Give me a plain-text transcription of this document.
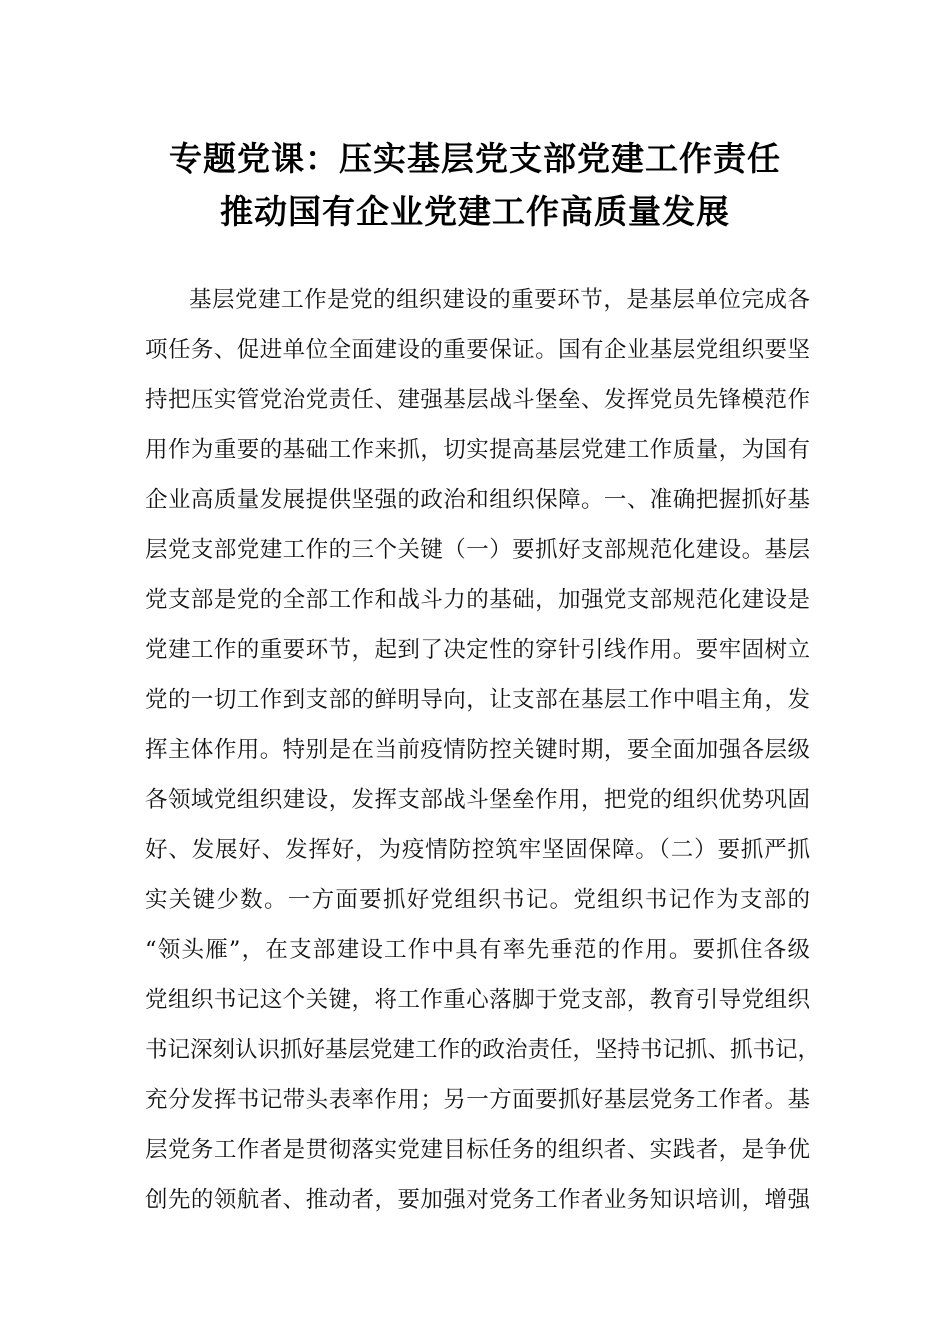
专题党课：压实基层党支部党建工作责任
推动国有企业党建工作高质量发展
基层党建工作是党的组织建设的重要环节，是基层单位完成各
项任务、促进单位全面建设的重要保证。国有企业基层党组织要坚
持把压实管党治党责任、建强基层战斗堡垒、发挥党员先锋模范作
用作为重要的基础工作来抓，切实提高基层党建工作质量，为国有
企业高质量发展提供坚强的政治和组织保障。一、准确把握抓好基
层党支部党建工作的三个关键（一）要抓好支部规范化建设。基层
党支部是党的全部工作和战斗力的基础，加强党支部规范化建设是
党建工作的重要环节，起到了决定性的穿针引线作用。要牢固树立
党的一切工作到支部的鲜明导向，让支部在基层工作中唱主角，发
挥主体作用。特别是在当前疫情防控关键时期，要全面加强各层级
各领域党组织建设，发挥支部战斗堡垒作用，把党的组织优势巩固
好、发展好、发挥好，为疫情防控筑牢坚固保障。（二）要抓严抓
实关键少数。一方面要抓好党组织书记。党组织书记作为支部的
“领头雁”，在支部建设工作中具有率先垂范的作用。要抓住各级
党组织书记这个关键，将工作重心落脚于党支部，教育引导党组织
书记深刻认识抓好基层党建工作的政治责任，坚持书记抓、抓书记，
充分发挥书记带头表率作用；另一方面要抓好基层党务工作者。基
层党务工作者是贯彻落实党建目标任务的组织者、实践者，是争优
创先的领航者、推动者，要加强对党务工作者业务知识培训，增强
